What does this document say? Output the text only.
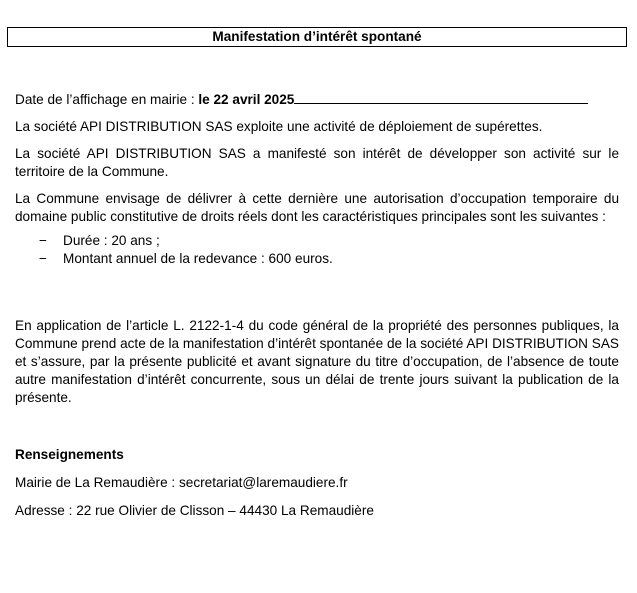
Manifestation d’intérêt spontané

Date de l’affichage en mairie : le 22 avril 2025

La société API DISTRIBUTION SAS exploite une activité de déploiement de supérettes.

La société API DISTRIBUTION SAS a manifesté son intérêt de développer son activité sur le territoire de la Commune.

La Commune envisage de délivrer à cette dernière une autorisation d’occupation temporaire du domaine public constitutive de droits réels dont les caractéristiques principales sont les suivantes :

− Durée : 20 ans ;
− Montant annuel de la redevance : 600 euros.

En application de l’article L. 2122-1-4 du code général de la propriété des personnes publiques, la Commune prend acte de la manifestation d’intérêt spontanée de la société API DISTRIBUTION SAS et s’assure, par la présente publicité et avant signature du titre d’occupation, de l’absence de toute autre manifestation d’intérêt concurrente, sous un délai de trente jours suivant la publication de la présente.

Renseignements

Mairie de La Remaudière : secretariat@laremaudiere.fr

Adresse : 22 rue Olivier de Clisson – 44430 La Remaudière
